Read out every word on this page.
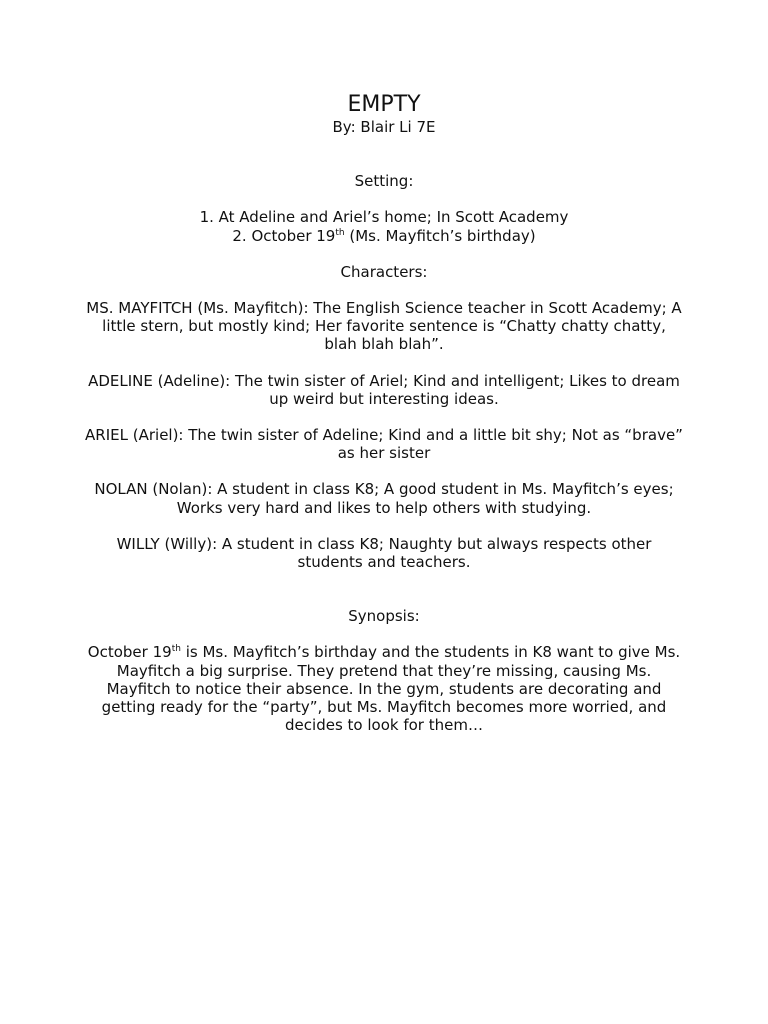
EMPTY

By: Blair Li 7E

Setting:

1. At Adeline and Ariel’s home; In Scott Academy

2. October 19th (Ms. Mayfitch’s birthday)

Characters:

MS. MAYFITCH (Ms. Mayfitch): The English Science teacher in Scott Academy; A little stern, but mostly kind; Her favorite sentence is “Chatty chatty chatty, blah blah blah”.

ADELINE (Adeline): The twin sister of Ariel; Kind and intelligent; Likes to dream up weird but interesting ideas.

ARIEL (Ariel): The twin sister of Adeline; Kind and a little bit shy; Not as “brave” as her sister

NOLAN (Nolan): A student in class K8; A good student in Ms. Mayfitch’s eyes; Works very hard and likes to help others with studying.

WILLY (Willy): A student in class K8; Naughty but always respects other students and teachers.

Synopsis:

October 19th is Ms. Mayfitch’s birthday and the students in K8 want to give Ms. Mayfitch a big surprise. They pretend that they’re missing, causing Ms. Mayfitch to notice their absence. In the gym, students are decorating and getting ready for the “party”, but Ms. Mayfitch becomes more worried, and decides to look for them…
